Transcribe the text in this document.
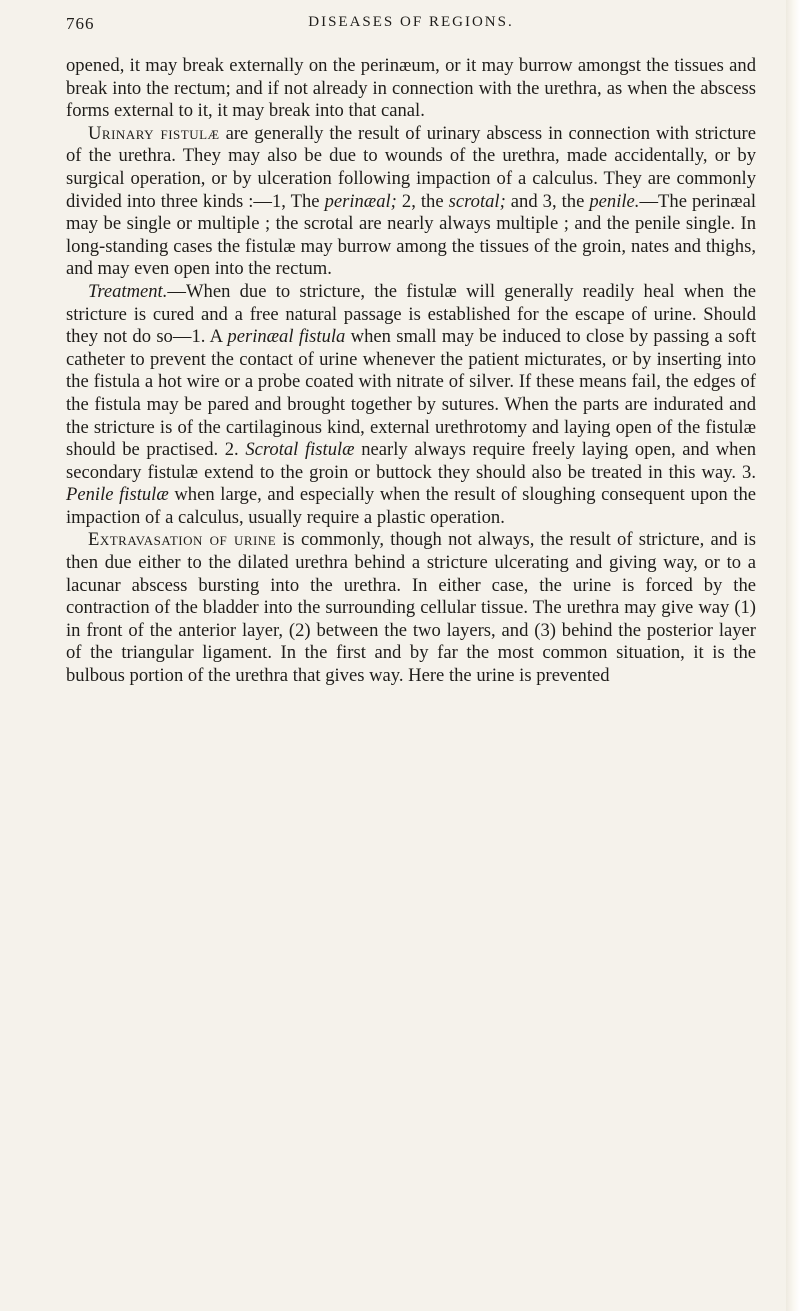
766	DISEASES OF REGIONS.

opened, it may break externally on the perinæum, or it may burrow amongst the tissues and break into the rectum; and if not already in connection with the urethra, as when the abscess forms external to it, it may break into that canal.

Urinary fistulæ are generally the result of urinary abscess in connection with stricture of the urethra. They may also be due to wounds of the urethra, made accidentally, or by surgical operation, or by ulceration following impaction of a calculus. They are commonly divided into three kinds :—1, The perinæal; 2, the scrotal; and 3, the penile.—The perinæal may be single or multiple ; the scrotal are nearly always multiple ; and the penile single. In long-standing cases the fistulæ may burrow among the tissues of the groin, nates and thighs, and may even open into the rectum.

Treatment.—When due to stricture, the fistulæ will generally readily heal when the stricture is cured and a free natural passage is established for the escape of urine. Should they not do so—1. A perinæal fistula when small may be induced to close by passing a soft catheter to prevent the contact of urine whenever the patient micturates, or by inserting into the fistula a hot wire or a probe coated with nitrate of silver. If these means fail, the edges of the fistula may be pared and brought together by sutures. When the parts are indurated and the stricture is of the cartilaginous kind, external urethrotomy and laying open of the fistulæ should be practised. 2. Scrotal fistulæ nearly always require freely laying open, and when secondary fistulæ extend to the groin or buttock they should also be treated in this way. 3. Penile fistulæ when large, and especially when the result of sloughing consequent upon the impaction of a calculus, usually require a plastic operation.

Extravasation of urine is commonly, though not always, the result of stricture, and is then due either to the dilated urethra behind a stricture ulcerating and giving way, or to a lacunar abscess bursting into the urethra. In either case, the urine is forced by the contraction of the bladder into the surrounding cellular tissue. The urethra may give way (1) in front of the anterior layer, (2) between the two layers, and (3) behind the posterior layer of the triangular ligament. In the first and by far the most common situation, it is the bulbous portion of the urethra that gives way. Here the urine is prevented
